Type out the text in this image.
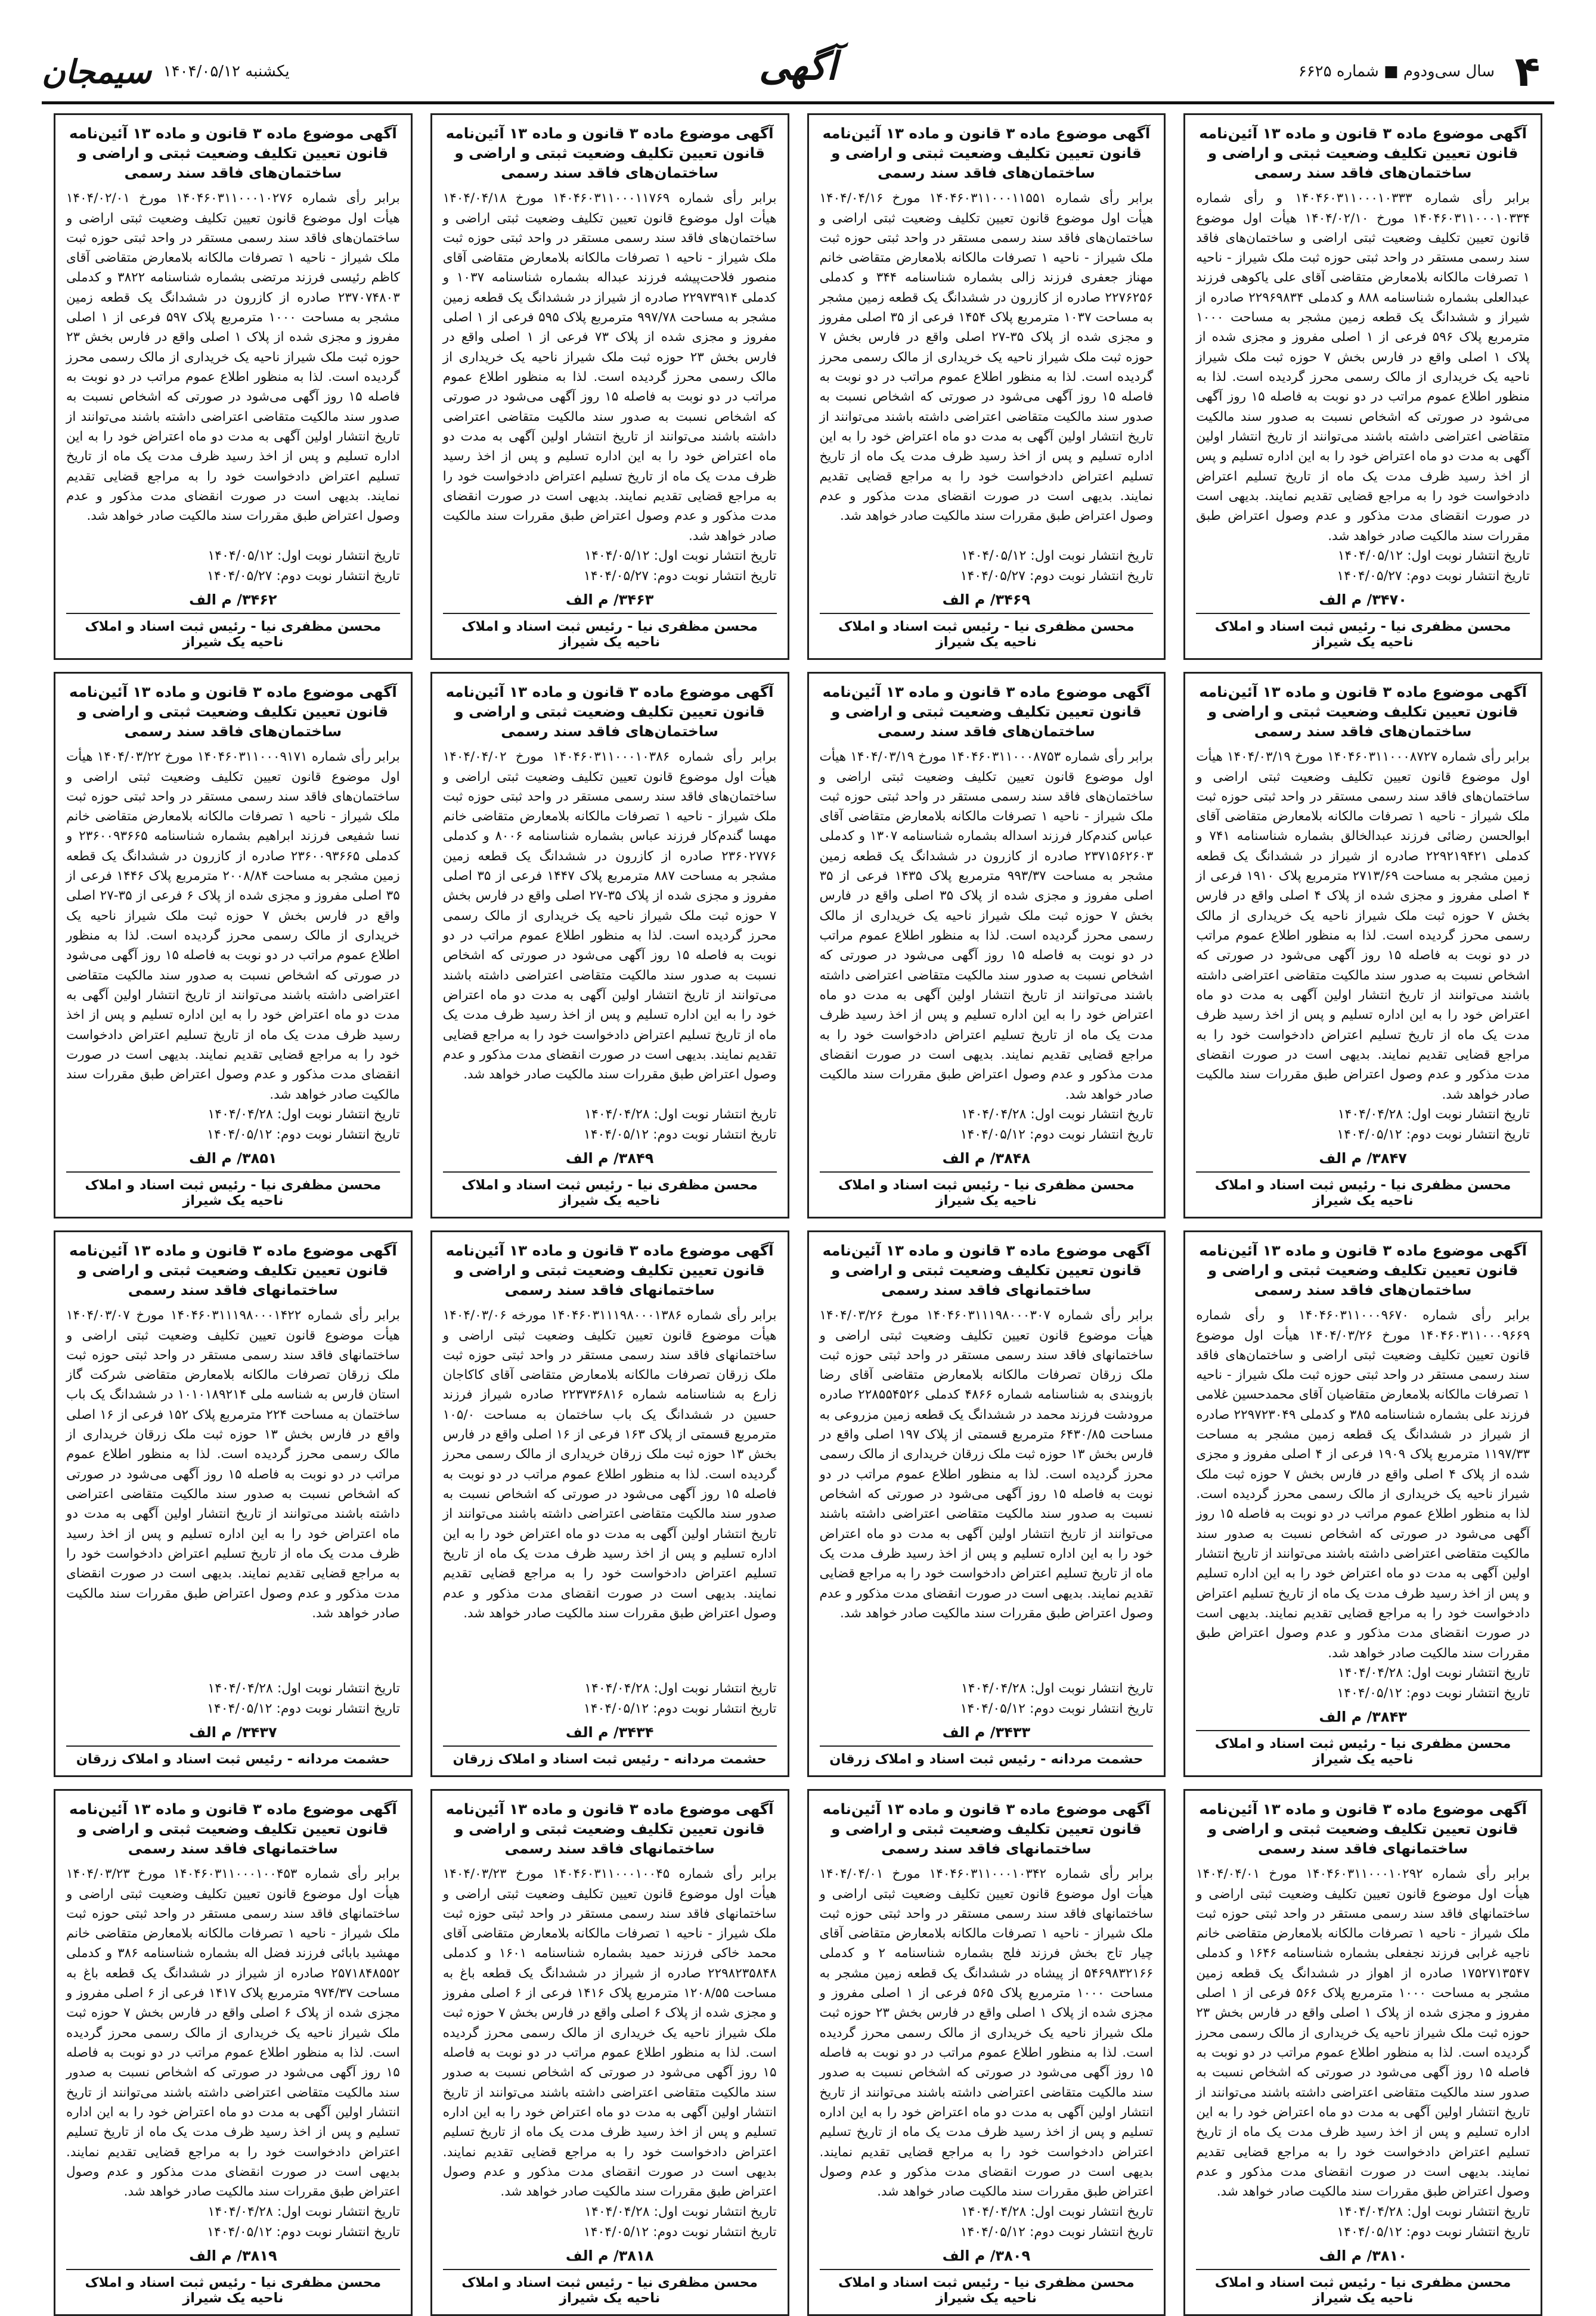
۴
سال سی‌ودوم ■ شماره ۶۶۲۵
آگهی
سیمجان یکشنبه ۱۴۰۴/۰۵/۱۲
آگهی موضوع ماده ۳ قانون و ماده ۱۳ آئین‌نامه قانون تعیین تکلیف وضعیت ثبتی و اراضی و ساختمان‌های فاقد سند رسمی
برابر رأی شماره ۱۴۰۴۶۰۳۱۱۰۰۰۱۰۳۳۳ و رأی شماره ۱۴۰۴۶۰۳۱۱۰۰۰۱۰۳۳۴ مورخ ۱۴۰۴/۰۲/۱۰ هیأت اول موضوع قانون تعیین تکلیف وضعیت ثبتی اراضی و ساختمان‌های فاقد سند رسمی مستقر در واحد ثبتی حوزه ثبت ملک شیراز - ناحیه ۱ تصرفات مالکانه بلامعارض متقاضی آقای علی یاکوهی فرزند عبدالعلی بشماره شناسنامه ۸۸۸ و کدملی ۲۲۹۶۹۸۳۴ صادره از شیراز و ششدانگ یک قطعه زمین مشجر به مساحت ۱۰۰۰ مترمربع پلاک ۵۹۶ فرعی از ۱ اصلی مفروز و مجزی شده از پلاک ۱ اصلی واقع در فارس بخش ۷ حوزه ثبت ملک شیراز ناحیه یک خریداری از مالک رسمی محرز گردیده است. لذا به منظور اطلاع عموم مراتب در دو نوبت به فاصله ۱۵ روز آگهی می‌شود در صورتی که اشخاص نسبت به صدور سند مالکیت متقاضی اعتراضی داشته باشند می‌توانند از تاریخ انتشار اولین آگهی به مدت دو ماه اعتراض خود را به این اداره تسلیم و پس از اخذ رسید ظرف مدت یک ماه از تاریخ تسلیم اعتراض دادخواست خود را به مراجع قضایی تقدیم نمایند. بدیهی است در صورت انقضای مدت مذکور و عدم وصول اعتراض طبق مقررات سند مالکیت صادر خواهد شد.
تاریخ انتشار نوبت اول: ۱۴۰۴/۰۵/۱۲
تاریخ انتشار نوبت دوم: ۱۴۰۴/۰۵/۲۷
۳۴۷۰/ م الف
محسن مظفری نیا - رئیس ثبت اسناد و املاک ناحیه یک شیراز
آگهی موضوع ماده ۳ قانون و ماده ۱۳ آئین‌نامه قانون تعیین تکلیف وضعیت ثبتی و اراضی و ساختمان‌های فاقد سند رسمی
برابر رأی شماره ۱۴۰۴۶۰۳۱۱۰۰۰۱۱۵۵۱ مورخ ۱۴۰۴/۰۴/۱۶ هیأت اول موضوع قانون تعیین تکلیف وضعیت ثبتی اراضی و ساختمان‌های فاقد سند رسمی مستقر در واحد ثبتی حوزه ثبت ملک شیراز - ناحیه ۱ تصرفات مالکانه بلامعارض متقاضی خانم مهناز جعفری فرزند زالی بشماره شناسنامه ۳۴۴ و کدملی ۲۲۷۶۲۵۶ صادره از کازرون در ششدانگ یک قطعه زمین مشجر به مساحت ۱۰۳۷ مترمربع پلاک ۱۴۵۴ فرعی از ۳۵ اصلی مفروز و مجزی شده از پلاک ۳۵-۲۷ اصلی واقع در فارس بخش ۷ حوزه ثبت ملک شیراز ناحیه یک خریداری از مالک رسمی محرز گردیده است. لذا به منظور اطلاع عموم مراتب در دو نوبت به فاصله ۱۵ روز آگهی می‌شود در صورتی که اشخاص نسبت به صدور سند مالکیت متقاضی اعتراضی داشته باشند می‌توانند از تاریخ انتشار اولین آگهی به مدت دو ماه اعتراض خود را به این اداره تسلیم و پس از اخذ رسید ظرف مدت یک ماه از تاریخ تسلیم اعتراض دادخواست خود را به مراجع قضایی تقدیم نمایند. بدیهی است در صورت انقضای مدت مذکور و عدم وصول اعتراض طبق مقررات سند مالکیت صادر خواهد شد.
تاریخ انتشار نوبت اول: ۱۴۰۴/۰۵/۱۲
تاریخ انتشار نوبت دوم: ۱۴۰۴/۰۵/۲۷
۳۴۶۹/ م الف
محسن مظفری نیا - رئیس ثبت اسناد و املاک ناحیه یک شیراز
آگهی موضوع ماده ۳ قانون و ماده ۱۳ آئین‌نامه قانون تعیین تکلیف وضعیت ثبتی و اراضی و ساختمان‌های فاقد سند رسمی
برابر رأی شماره ۱۴۰۴۶۰۳۱۱۰۰۰۱۱۷۶۹ مورخ ۱۴۰۴/۰۴/۱۸ هیأت اول موضوع قانون تعیین تکلیف وضعیت ثبتی اراضی و ساختمان‌های فاقد سند رسمی مستقر در واحد ثبتی حوزه ثبت ملک شیراز - ناحیه ۱ تصرفات مالکانه بلامعارض متقاضی آقای منصور فلاحت‌پیشه فرزند عبداله بشماره شناسنامه ۱۰۳۷ و کدملی ۲۲۹۷۳۹۱۴ صادره از شیراز در ششدانگ یک قطعه زمین مشجر به مساحت ۹۹۷/۷۸ مترمربع پلاک ۵۹۵ فرعی از ۱ اصلی مفروز و مجزی شده از پلاک ۷۳ فرعی از ۱ اصلی واقع در فارس بخش ۲۳ حوزه ثبت ملک شیراز ناحیه یک خریداری از مالک رسمی محرز گردیده است. لذا به منظور اطلاع عموم مراتب در دو نوبت به فاصله ۱۵ روز آگهی می‌شود در صورتی که اشخاص نسبت به صدور سند مالکیت متقاضی اعتراضی داشته باشند می‌توانند از تاریخ انتشار اولین آگهی به مدت دو ماه اعتراض خود را به این اداره تسلیم و پس از اخذ رسید ظرف مدت یک ماه از تاریخ تسلیم اعتراض دادخواست خود را به مراجع قضایی تقدیم نمایند. بدیهی است در صورت انقضای مدت مذکور و عدم وصول اعتراض طبق مقررات سند مالکیت صادر خواهد شد.
تاریخ انتشار نوبت اول: ۱۴۰۴/۰۵/۱۲
تاریخ انتشار نوبت دوم: ۱۴۰۴/۰۵/۲۷
۳۴۶۳/ م الف
محسن مظفری نیا - رئیس ثبت اسناد و املاک ناحیه یک شیراز
آگهی موضوع ماده ۳ قانون و ماده ۱۳ آئین‌نامه قانون تعیین تکلیف وضعیت ثبتی و اراضی و ساختمان‌های فاقد سند رسمی
برابر رأی شماره ۱۴۰۴۶۰۳۱۱۰۰۰۱۰۲۷۶ مورخ ۱۴۰۴/۰۲/۰۱ هیأت اول موضوع قانون تعیین تکلیف وضعیت ثبتی اراضی و ساختمان‌های فاقد سند رسمی مستقر در واحد ثبتی حوزه ثبت ملک شیراز - ناحیه ۱ تصرفات مالکانه بلامعارض متقاضی آقای کاظم رئیسی فرزند مرتضی بشماره شناسنامه ۳۸۲۲ و کدملی ۲۳۷۰۷۴۸۰۳ صادره از کازرون در ششدانگ یک قطعه زمین مشجر به مساحت ۱۰۰۰ مترمربع پلاک ۵۹۷ فرعی از ۱ اصلی مفروز و مجزی شده از پلاک ۱ اصلی واقع در فارس بخش ۲۳ حوزه ثبت ملک شیراز ناحیه یک خریداری از مالک رسمی محرز گردیده است. لذا به منظور اطلاع عموم مراتب در دو نوبت به فاصله ۱۵ روز آگهی می‌شود در صورتی که اشخاص نسبت به صدور سند مالکیت متقاضی اعتراضی داشته باشند می‌توانند از تاریخ انتشار اولین آگهی به مدت دو ماه اعتراض خود را به این اداره تسلیم و پس از اخذ رسید ظرف مدت یک ماه از تاریخ تسلیم اعتراض دادخواست خود را به مراجع قضایی تقدیم نمایند. بدیهی است در صورت انقضای مدت مذکور و عدم وصول اعتراض طبق مقررات سند مالکیت صادر خواهد شد.
تاریخ انتشار نوبت اول: ۱۴۰۴/۰۵/۱۲
تاریخ انتشار نوبت دوم: ۱۴۰۴/۰۵/۲۷
۳۴۶۲/ م الف
محسن مظفری نیا - رئیس ثبت اسناد و املاک ناحیه یک شیراز
آگهی موضوع ماده ۳ قانون و ماده ۱۳ آئین‌نامه قانون تعیین تکلیف وضعیت ثبتی و اراضی و ساختمان‌های فاقد سند رسمی
برابر رأی شماره ۱۴۰۴۶۰۳۱۱۰۰۰۸۷۲۷ مورخ ۱۴۰۴/۰۳/۱۹ هیأت اول موضوع قانون تعیین تکلیف وضعیت ثبتی اراضی و ساختمان‌های فاقد سند رسمی مستقر در واحد ثبتی حوزه ثبت ملک شیراز - ناحیه ۱ تصرفات مالکانه بلامعارض متقاضی آقای ابوالحسن رضائی فرزند عبدالخالق بشماره شناسنامه ۷۴۱ و کدملی ۲۲۹۲۱۹۴۲۱ صادره از شیراز در ششدانگ یک قطعه زمین مشجر به مساحت ۲۷۱۳/۶۹ مترمربع پلاک ۱۹۱۰ فرعی از ۴ اصلی مفروز و مجزی شده از پلاک ۴ اصلی واقع در فارس بخش ۷ حوزه ثبت ملک شیراز ناحیه یک خریداری از مالک رسمی محرز گردیده است. لذا به منظور اطلاع عموم مراتب در دو نوبت به فاصله ۱۵ روز آگهی می‌شود در صورتی که اشخاص نسبت به صدور سند مالکیت متقاضی اعتراضی داشته باشند می‌توانند از تاریخ انتشار اولین آگهی به مدت دو ماه اعتراض خود را به این اداره تسلیم و پس از اخذ رسید ظرف مدت یک ماه از تاریخ تسلیم اعتراض دادخواست خود را به مراجع قضایی تقدیم نمایند. بدیهی است در صورت انقضای مدت مذکور و عدم وصول اعتراض طبق مقررات سند مالکیت صادر خواهد شد.
تاریخ انتشار نوبت اول: ۱۴۰۴/۰۴/۲۸
تاریخ انتشار نوبت دوم: ۱۴۰۴/۰۵/۱۲
۳۸۴۷/ م الف
محسن مظفری نیا - رئیس ثبت اسناد و املاک ناحیه یک شیراز
آگهی موضوع ماده ۳ قانون و ماده ۱۳ آئین‌نامه قانون تعیین تکلیف وضعیت ثبتی و اراضی و ساختمان‌های فاقد سند رسمی
برابر رأی شماره ۱۴۰۴۶۰۳۱۱۰۰۰۸۷۵۳ مورخ ۱۴۰۴/۰۳/۱۹ هیأت اول موضوع قانون تعیین تکلیف وضعیت ثبتی اراضی و ساختمان‌های فاقد سند رسمی مستقر در واحد ثبتی حوزه ثبت ملک شیراز - ناحیه ۱ تصرفات مالکانه بلامعارض متقاضی آقای عباس کندم‌کار فرزند اسداله بشماره شناسنامه ۱۳۰۷ و کدملی ۲۳۷۱۵۶۲۶۰۳ صادره از کازرون در ششدانگ یک قطعه زمین مشجر به مساحت ۹۹۳/۳۷ مترمربع پلاک ۱۴۳۵ فرعی از ۳۵ اصلی مفروز و مجزی شده از پلاک ۳۵ اصلی واقع در فارس بخش ۷ حوزه ثبت ملک شیراز ناحیه یک خریداری از مالک رسمی محرز گردیده است. لذا به منظور اطلاع عموم مراتب در دو نوبت به فاصله ۱۵ روز آگهی می‌شود در صورتی که اشخاص نسبت به صدور سند مالکیت متقاضی اعتراضی داشته باشند می‌توانند از تاریخ انتشار اولین آگهی به مدت دو ماه اعتراض خود را به این اداره تسلیم و پس از اخذ رسید ظرف مدت یک ماه از تاریخ تسلیم اعتراض دادخواست خود را به مراجع قضایی تقدیم نمایند. بدیهی است در صورت انقضای مدت مذکور و عدم وصول اعتراض طبق مقررات سند مالکیت صادر خواهد شد.
تاریخ انتشار نوبت اول: ۱۴۰۴/۰۴/۲۸
تاریخ انتشار نوبت دوم: ۱۴۰۴/۰۵/۱۲
۳۸۴۸/ م الف
محسن مظفری نیا - رئیس ثبت اسناد و املاک ناحیه یک شیراز
آگهی موضوع ماده ۳ قانون و ماده ۱۳ آئین‌نامه قانون تعیین تکلیف وضعیت ثبتی و اراضی و ساختمان‌های فاقد سند رسمی
برابر رأی شماره ۱۴۰۴۶۰۳۱۱۰۰۰۱۰۳۸۶ مورخ ۱۴۰۴/۰۴/۰۲ هیأت اول موضوع قانون تعیین تکلیف وضعیت ثبتی اراضی و ساختمان‌های فاقد سند رسمی مستقر در واحد ثبتی حوزه ثبت ملک شیراز - ناحیه ۱ تصرفات مالکانه بلامعارض متقاضی خانم مهسا گندم‌کار فرزند عباس بشماره شناسنامه ۸۰۰۶ و کدملی ۲۳۶۰۲۷۷۶ صادره از کازرون در ششدانگ یک قطعه زمین مشجر به مساحت ۸۸۷ مترمربع پلاک ۱۴۴۷ فرعی از ۳۵ اصلی مفروز و مجزی شده از پلاک ۳۵-۲۷ اصلی واقع در فارس بخش ۷ حوزه ثبت ملک شیراز ناحیه یک خریداری از مالک رسمی محرز گردیده است. لذا به منظور اطلاع عموم مراتب در دو نوبت به فاصله ۱۵ روز آگهی می‌شود در صورتی که اشخاص نسبت به صدور سند مالکیت متقاضی اعتراضی داشته باشند می‌توانند از تاریخ انتشار اولین آگهی به مدت دو ماه اعتراض خود را به این اداره تسلیم و پس از اخذ رسید ظرف مدت یک ماه از تاریخ تسلیم اعتراض دادخواست خود را به مراجع قضایی تقدیم نمایند. بدیهی است در صورت انقضای مدت مذکور و عدم وصول اعتراض طبق مقررات سند مالکیت صادر خواهد شد.
تاریخ انتشار نوبت اول: ۱۴۰۴/۰۴/۲۸
تاریخ انتشار نوبت دوم: ۱۴۰۴/۰۵/۱۲
۳۸۴۹/ م الف
محسن مظفری نیا - رئیس ثبت اسناد و املاک ناحیه یک شیراز
آگهی موضوع ماده ۳ قانون و ماده ۱۳ آئین‌نامه قانون تعیین تکلیف وضعیت ثبتی و اراضی و ساختمان‌های فاقد سند رسمی
برابر رأی شماره ۱۴۰۴۶۰۳۱۱۰۰۰۹۱۷۱ مورخ ۱۴۰۴/۰۳/۲۲ هیأت اول موضوع قانون تعیین تکلیف وضعیت ثبتی اراضی و ساختمان‌های فاقد سند رسمی مستقر در واحد ثبتی حوزه ثبت ملک شیراز - ناحیه ۱ تصرفات مالکانه بلامعارض متقاضی خانم نسا شفیعی فرزند ابراهیم بشماره شناسنامه ۲۳۶۰۰۹۳۶۶۵ و کدملی ۲۳۶۰۰۹۳۶۶۵ صادره از کازرون در ششدانگ یک قطعه زمین مشجر به مساحت ۲۰۰۸/۸۴ مترمربع پلاک ۱۴۴۶ فرعی از ۳۵ اصلی مفروز و مجزی شده از پلاک ۶ فرعی از ۳۵-۲۷ اصلی واقع در فارس بخش ۷ حوزه ثبت ملک شیراز ناحیه یک خریداری از مالک رسمی محرز گردیده است. لذا به منظور اطلاع عموم مراتب در دو نوبت به فاصله ۱۵ روز آگهی می‌شود در صورتی که اشخاص نسبت به صدور سند مالکیت متقاضی اعتراضی داشته باشند می‌توانند از تاریخ انتشار اولین آگهی به مدت دو ماه اعتراض خود را به این اداره تسلیم و پس از اخذ رسید ظرف مدت یک ماه از تاریخ تسلیم اعتراض دادخواست خود را به مراجع قضایی تقدیم نمایند. بدیهی است در صورت انقضای مدت مذکور و عدم وصول اعتراض طبق مقررات سند مالکیت صادر خواهد شد.
تاریخ انتشار نوبت اول: ۱۴۰۴/۰۴/۲۸
تاریخ انتشار نوبت دوم: ۱۴۰۴/۰۵/۱۲
۳۸۵۱/ م الف
محسن مظفری نیا - رئیس ثبت اسناد و املاک ناحیه یک شیراز
آگهی موضوع ماده ۳ قانون و ماده ۱۳ آئین‌نامه قانون تعیین تکلیف وضعیت ثبتی و اراضی و ساختمان‌های فاقد سند رسمی
برابر رأی شماره ۱۴۰۴۶۰۳۱۱۰۰۰۹۶۷۰ و رأی شماره ۱۴۰۴۶۰۳۱۱۰۰۰۹۶۶۹ مورخ ۱۴۰۴/۰۳/۲۶ هیأت اول موضوع قانون تعیین تکلیف وضعیت ثبتی اراضی و ساختمان‌های فاقد سند رسمی مستقر در واحد ثبتی حوزه ثبت ملک شیراز - ناحیه ۱ تصرفات مالکانه بلامعارض متقاضیان آقای محمدحسین غلامی فرزند علی بشماره شناسنامه ۳۸۵ و کدملی ۲۲۹۷۲۳۰۴۹ صادره از شیراز در ششدانگ یک قطعه زمین مشجر به مساحت ۱۱۹۷/۳۳ مترمربع پلاک ۱۹۰۹ فرعی از ۴ اصلی مفروز و مجزی شده از پلاک ۴ اصلی واقع در فارس بخش ۷ حوزه ثبت ملک شیراز ناحیه یک خریداری از مالک رسمی محرز گردیده است. لذا به منظور اطلاع عموم مراتب در دو نوبت به فاصله ۱۵ روز آگهی می‌شود در صورتی که اشخاص نسبت به صدور سند مالکیت متقاضی اعتراضی داشته باشند می‌توانند از تاریخ انتشار اولین آگهی به مدت دو ماه اعتراض خود را به این اداره تسلیم و پس از اخذ رسید ظرف مدت یک ماه از تاریخ تسلیم اعتراض دادخواست خود را به مراجع قضایی تقدیم نمایند. بدیهی است در صورت انقضای مدت مذکور و عدم وصول اعتراض طبق مقررات سند مالکیت صادر خواهد شد.
تاریخ انتشار نوبت اول: ۱۴۰۴/۰۴/۲۸
تاریخ انتشار نوبت دوم: ۱۴۰۴/۰۵/۱۲
۳۸۴۳/ م الف
محسن مظفری نیا - رئیس ثبت اسناد و املاک ناحیه یک شیراز
آگهی موضوع ماده ۳ قانون و ماده ۱۳ آئین‌نامه قانون تعیین تکلیف وضعیت ثبتی و اراضی و ساختمانهای فاقد سند رسمی
برابر رأی شماره ۱۴۰۴۶۰۳۱۱۱۹۸۰۰۰۳۰۷ مورخ ۱۴۰۴/۰۳/۲۶ هیأت موضوع قانون تعیین تکلیف وضعیت ثبتی اراضی و ساختمانهای فاقد سند رسمی مستقر در واحد ثبتی حوزه ثبت ملک زرقان تصرفات مالکانه بلامعارض متقاضی آقای رضا بازوبندی به شناسنامه شماره ۴۸۶۶ کدملی ۲۲۸۵۵۴۵۲۶ صادره مرودشت فرزند محمد در ششدانگ یک قطعه زمین مزروعی به مساحت ۶۴۳۰/۸۵ مترمربع قسمتی از پلاک ۱۹۷ اصلی واقع در فارس بخش ۱۳ حوزه ثبت ملک زرقان خریداری از مالک رسمی محرز گردیده است. لذا به منظور اطلاع عموم مراتب در دو نوبت به فاصله ۱۵ روز آگهی می‌شود در صورتی که اشخاص نسبت به صدور سند مالکیت متقاضی اعتراضی داشته باشند می‌توانند از تاریخ انتشار اولین آگهی به مدت دو ماه اعتراض خود را به این اداره تسلیم و پس از اخذ رسید ظرف مدت یک ماه از تاریخ تسلیم اعتراض دادخواست خود را به مراجع قضایی تقدیم نمایند. بدیهی است در صورت انقضای مدت مذکور و عدم وصول اعتراض طبق مقررات سند مالکیت صادر خواهد شد.
تاریخ انتشار نوبت اول: ۱۴۰۴/۰۴/۲۸
تاریخ انتشار نوبت دوم: ۱۴۰۴/۰۵/۱۲
۳۴۳۳/ م الف
حشمت مردانه - رئیس ثبت اسناد و املاک زرقان
آگهی موضوع ماده ۳ قانون و ماده ۱۳ آئین‌نامه قانون تعیین تکلیف وضعیت ثبتی و اراضی و ساختمانهای فاقد سند رسمی
برابر رأی شماره ۱۴۰۴۶۰۳۱۱۱۹۸۰۰۰۱۳۸۶ مورخه ۱۴۰۴/۰۳/۰۶ هیأت موضوع قانون تعیین تکلیف وضعیت ثبتی اراضی و ساختمانهای فاقد سند رسمی مستقر در واحد ثبتی حوزه ثبت ملک زرقان تصرفات مالکانه بلامعارض متقاضی آقای کاکاجان زارع به شناسنامه شماره ۲۲۳۷۳۶۸۱۶ صادره شیراز فرزند حسین در ششدانگ یک باب ساختمان به مساحت ۱۰۵/۰ مترمربع قسمتی از پلاک ۱۶۳ فرعی از ۱۶ اصلی واقع در فارس بخش ۱۳ حوزه ثبت ملک زرقان خریداری از مالک رسمی محرز گردیده است. لذا به منظور اطلاع عموم مراتب در دو نوبت به فاصله ۱۵ روز آگهی می‌شود در صورتی که اشخاص نسبت به صدور سند مالکیت متقاضی اعتراضی داشته باشند می‌توانند از تاریخ انتشار اولین آگهی به مدت دو ماه اعتراض خود را به این اداره تسلیم و پس از اخذ رسید ظرف مدت یک ماه از تاریخ تسلیم اعتراض دادخواست خود را به مراجع قضایی تقدیم نمایند. بدیهی است در صورت انقضای مدت مذکور و عدم وصول اعتراض طبق مقررات سند مالکیت صادر خواهد شد.
تاریخ انتشار نوبت اول: ۱۴۰۴/۰۴/۲۸
تاریخ انتشار نوبت دوم: ۱۴۰۴/۰۵/۱۲
۳۴۳۴/ م الف
حشمت مردانه - رئیس ثبت اسناد و املاک زرقان
آگهی موضوع ماده ۳ قانون و ماده ۱۳ آئین‌نامه قانون تعیین تکلیف وضعیت ثبتی و اراضی و ساختمانهای فاقد سند رسمی
برابر رأی شماره ۱۴۰۴۶۰۳۱۱۱۹۸۰۰۰۱۴۲۲ مورخ ۱۴۰۴/۰۳/۰۷ هیأت موضوع قانون تعیین تکلیف وضعیت ثبتی اراضی و ساختمانهای فاقد سند رسمی مستقر در واحد ثبتی حوزه ثبت ملک زرقان تصرفات مالکانه بلامعارض متقاضی شرکت گاز استان فارس به شناسه ملی ۱۰۱۰۱۸۹۲۱۴ در ششدانگ یک باب ساختمان به مساحت ۲۲۴ مترمربع پلاک ۱۵۲ فرعی از ۱۶ اصلی واقع در فارس بخش ۱۳ حوزه ثبت ملک زرقان خریداری از مالک رسمی محرز گردیده است. لذا به منظور اطلاع عموم مراتب در دو نوبت به فاصله ۱۵ روز آگهی می‌شود در صورتی که اشخاص نسبت به صدور سند مالکیت متقاضی اعتراضی داشته باشند می‌توانند از تاریخ انتشار اولین آگهی به مدت دو ماه اعتراض خود را به این اداره تسلیم و پس از اخذ رسید ظرف مدت یک ماه از تاریخ تسلیم اعتراض دادخواست خود را به مراجع قضایی تقدیم نمایند. بدیهی است در صورت انقضای مدت مذکور و عدم وصول اعتراض طبق مقررات سند مالکیت صادر خواهد شد.
تاریخ انتشار نوبت اول: ۱۴۰۴/۰۴/۲۸
تاریخ انتشار نوبت دوم: ۱۴۰۴/۰۵/۱۲
۳۴۳۷/ م الف
حشمت مردانه - رئیس ثبت اسناد و املاک زرقان
آگهی موضوع ماده ۳ قانون و ماده ۱۳ آئین‌نامه قانون تعیین تکلیف وضعیت ثبتی و اراضی و ساختمانهای فاقد سند رسمی
برابر رأی شماره ۱۴۰۴۶۰۳۱۱۰۰۰۱۰۲۹۲ مورخ ۱۴۰۴/۰۴/۰۱ هیأت اول موضوع قانون تعیین تکلیف وضعیت ثبتی اراضی و ساختمانهای فاقد سند رسمی مستقر در واحد ثبتی حوزه ثبت ملک شیراز - ناحیه ۱ تصرفات مالکانه بلامعارض متقاضی خانم ناجیه غرابی فرزند نجفعلی بشماره شناسنامه ۱۶۴۶ و کدملی ۱۷۵۲۷۱۳۵۴۷ صادره از اهواز در ششدانگ یک قطعه زمین مشجر به مساحت ۱۰۰۰ مترمربع پلاک ۵۶۶ فرعی از ۱ اصلی مفروز و مجزی شده از پلاک ۱ اصلی واقع در فارس بخش ۲۳ حوزه ثبت ملک شیراز ناحیه یک خریداری از مالک رسمی محرز گردیده است. لذا به منظور اطلاع عموم مراتب در دو نوبت به فاصله ۱۵ روز آگهی می‌شود در صورتی که اشخاص نسبت به صدور سند مالکیت متقاضی اعتراضی داشته باشند می‌توانند از تاریخ انتشار اولین آگهی به مدت دو ماه اعتراض خود را به این اداره تسلیم و پس از اخذ رسید ظرف مدت یک ماه از تاریخ تسلیم اعتراض دادخواست خود را به مراجع قضایی تقدیم نمایند. بدیهی است در صورت انقضای مدت مذکور و عدم وصول اعتراض طبق مقررات سند مالکیت صادر خواهد شد.
تاریخ انتشار نوبت اول: ۱۴۰۴/۰۴/۲۸
تاریخ انتشار نوبت دوم: ۱۴۰۴/۰۵/۱۲
۳۸۱۰/ م الف
محسن مظفری نیا - رئیس ثبت اسناد و املاک ناحیه یک شیراز
آگهی موضوع ماده ۳ قانون و ماده ۱۳ آئین‌نامه قانون تعیین تکلیف وضعیت ثبتی و اراضی و ساختمانهای فاقد سند رسمی
برابر رأی شماره ۱۴۰۴۶۰۳۱۱۰۰۰۱۰۳۴۲ مورخ ۱۴۰۴/۰۴/۰۱ هیأت اول موضوع قانون تعیین تکلیف وضعیت ثبتی اراضی و ساختمانهای فاقد سند رسمی مستقر در واحد ثبتی حوزه ثبت ملک شیراز - ناحیه ۱ تصرفات مالکانه بلامعارض متقاضی آقای چیار تاج بخش فرزند فلج بشماره شناسنامه ۲ و کدملی ۵۴۶۹۸۳۲۱۶۶ از پیشاه در ششدانگ یک قطعه زمین مشجر به مساحت ۱۰۰۰ مترمربع پلاک ۵۶۵ فرعی از ۱ اصلی مفروز و مجزی شده از پلاک ۱ اصلی واقع در فارس بخش ۲۳ حوزه ثبت ملک شیراز ناحیه یک خریداری از مالک رسمی محرز گردیده است. لذا به منظور اطلاع عموم مراتب در دو نوبت به فاصله ۱۵ روز آگهی می‌شود در صورتی که اشخاص نسبت به صدور سند مالکیت متقاضی اعتراضی داشته باشند می‌توانند از تاریخ انتشار اولین آگهی به مدت دو ماه اعتراض خود را به این اداره تسلیم و پس از اخذ رسید ظرف مدت یک ماه از تاریخ تسلیم اعتراض دادخواست خود را به مراجع قضایی تقدیم نمایند. بدیهی است در صورت انقضای مدت مذکور و عدم وصول اعتراض طبق مقررات سند مالکیت صادر خواهد شد.
تاریخ انتشار نوبت اول: ۱۴۰۴/۰۴/۲۸
تاریخ انتشار نوبت دوم: ۱۴۰۴/۰۵/۱۲
۳۸۰۹/ م الف
محسن مظفری نیا - رئیس ثبت اسناد و املاک ناحیه یک شیراز
آگهی موضوع ماده ۳ قانون و ماده ۱۳ آئین‌نامه قانون تعیین تکلیف وضعیت ثبتی و اراضی و ساختمانهای فاقد سند رسمی
برابر رأی شماره ۱۴۰۴۶۰۳۱۱۰۰۰۱۰۰۴۵ مورخ ۱۴۰۴/۰۳/۲۳ هیأت اول موضوع قانون تعیین تکلیف وضعیت ثبتی اراضی و ساختمانهای فاقد سند رسمی مستقر در واحد ثبتی حوزه ثبت ملک شیراز - ناحیه ۱ تصرفات مالکانه بلامعارض متقاضی آقای محمد خاکی فرزند حمید بشماره شناسنامه ۱۶۰۱ و کدملی ۲۲۹۸۲۳۵۸۴۸ صادره از شیراز در ششدانگ یک قطعه باغ به مساحت ۱۲۰۸/۵۵ مترمربع پلاک ۱۴۱۶ فرعی از ۶ اصلی مفروز و مجزی شده از پلاک ۶ اصلی واقع در فارس بخش ۷ حوزه ثبت ملک شیراز ناحیه یک خریداری از مالک رسمی محرز گردیده است. لذا به منظور اطلاع عموم مراتب در دو نوبت به فاصله ۱۵ روز آگهی می‌شود در صورتی که اشخاص نسبت به صدور سند مالکیت متقاضی اعتراضی داشته باشند می‌توانند از تاریخ انتشار اولین آگهی به مدت دو ماه اعتراض خود را به این اداره تسلیم و پس از اخذ رسید ظرف مدت یک ماه از تاریخ تسلیم اعتراض دادخواست خود را به مراجع قضایی تقدیم نمایند. بدیهی است در صورت انقضای مدت مذکور و عدم وصول اعتراض طبق مقررات سند مالکیت صادر خواهد شد.
تاریخ انتشار نوبت اول: ۱۴۰۴/۰۴/۲۸
تاریخ انتشار نوبت دوم: ۱۴۰۴/۰۵/۱۲
۳۸۱۸/ م الف
محسن مظفری نیا - رئیس ثبت اسناد و املاک ناحیه یک شیراز
آگهی موضوع ماده ۳ قانون و ماده ۱۳ آئین‌نامه قانون تعیین تکلیف وضعیت ثبتی و اراضی و ساختمانهای فاقد سند رسمی
برابر رأی شماره ۱۴۰۴۶۰۳۱۱۰۰۰۱۰۰۴۵۳ مورخ ۱۴۰۴/۰۳/۲۳ هیأت اول موضوع قانون تعیین تکلیف وضعیت ثبتی اراضی و ساختمانهای فاقد سند رسمی مستقر در واحد ثبتی حوزه ثبت ملک شیراز - ناحیه ۱ تصرفات مالکانه بلامعارض متقاضی خانم مهشید بابائی فرزند فضل اله بشماره شناسنامه ۳۸۶ و کدملی ۲۵۷۱۸۴۸۵۵۲ صادره از شیراز در ششدانگ یک قطعه باغ به مساحت ۹۷۴/۳۷ مترمربع پلاک ۱۴۱۷ فرعی از ۶ اصلی مفروز و مجزی شده از پلاک ۶ اصلی واقع در فارس بخش ۷ حوزه ثبت ملک شیراز ناحیه یک خریداری از مالک رسمی محرز گردیده است. لذا به منظور اطلاع عموم مراتب در دو نوبت به فاصله ۱۵ روز آگهی می‌شود در صورتی که اشخاص نسبت به صدور سند مالکیت متقاضی اعتراضی داشته باشند می‌توانند از تاریخ انتشار اولین آگهی به مدت دو ماه اعتراض خود را به این اداره تسلیم و پس از اخذ رسید ظرف مدت یک ماه از تاریخ تسلیم اعتراض دادخواست خود را به مراجع قضایی تقدیم نمایند. بدیهی است در صورت انقضای مدت مذکور و عدم وصول اعتراض طبق مقررات سند مالکیت صادر خواهد شد.
تاریخ انتشار نوبت اول: ۱۴۰۴/۰۴/۲۸
تاریخ انتشار نوبت دوم: ۱۴۰۴/۰۵/۱۲
۳۸۱۹/ م الف
محسن مظفری نیا - رئیس ثبت اسناد و املاک ناحیه یک شیراز
